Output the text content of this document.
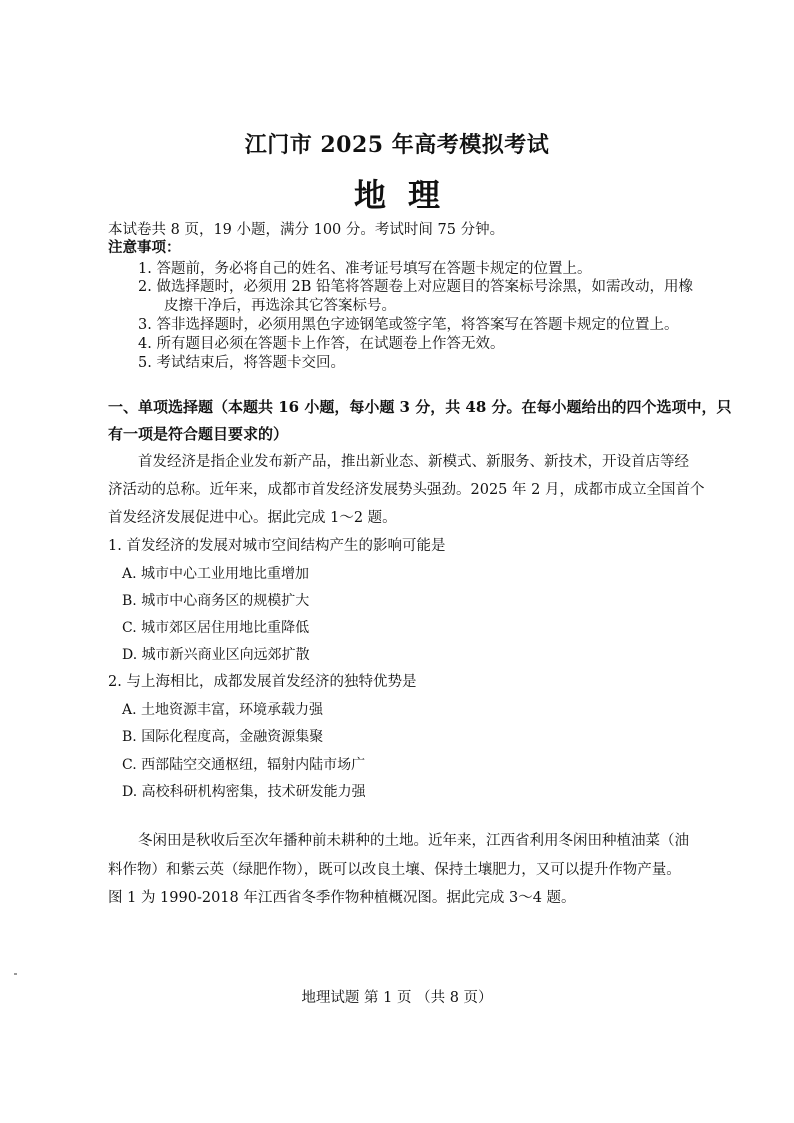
江门市 2025 年高考模拟考试
地理
本试卷共 8 页，19 小题，满分 100 分。考试时间 75 分钟。
注意事项：
1. 答题前，务必将自己的姓名、准考证号填写在答题卡规定的位置上。
2. 做选择题时，必须用 2B 铅笔将答题卷上对应题目的答案标号涂黑，如需改动，用橡
皮擦干净后，再选涂其它答案标号。
3. 答非选择题时，必须用黑色字迹钢笔或签字笔，将答案写在答题卡规定的位置上。
4. 所有题目必须在答题卡上作答，在试题卷上作答无效。
5. 考试结束后，将答题卡交回。
一、单项选择题（本题共 16 小题，每小题 3 分，共 48 分。在每小题给出的四个选项中，只
有一项是符合题目要求的）
首发经济是指企业发布新产品，推出新业态、新模式、新服务、新技术，开设首店等经
济活动的总称。近年来，成都市首发经济发展势头强劲。2025 年 2 月，成都市成立全国首个
首发经济发展促进中心。据此完成 1～2 题。
1. 首发经济的发展对城市空间结构产生的影响可能是
A. 城市中心工业用地比重增加
B. 城市中心商务区的规模扩大
C. 城市郊区居住用地比重降低
D. 城市新兴商业区向远郊扩散
2. 与上海相比，成都发展首发经济的独特优势是
A. 土地资源丰富，环境承载力强
B. 国际化程度高，金融资源集聚
C. 西部陆空交通枢纽，辐射内陆市场广
D. 高校科研机构密集，技术研发能力强
冬闲田是秋收后至次年播种前未耕种的土地。近年来，江西省利用冬闲田种植油菜（油
料作物）和紫云英（绿肥作物），既可以改良土壤、保持土壤肥力，又可以提升作物产量。
图 1 为 1990-2018 年江西省冬季作物种植概况图。据此完成 3～4 题。
地理试题 第 1 页 （共 8 页）
